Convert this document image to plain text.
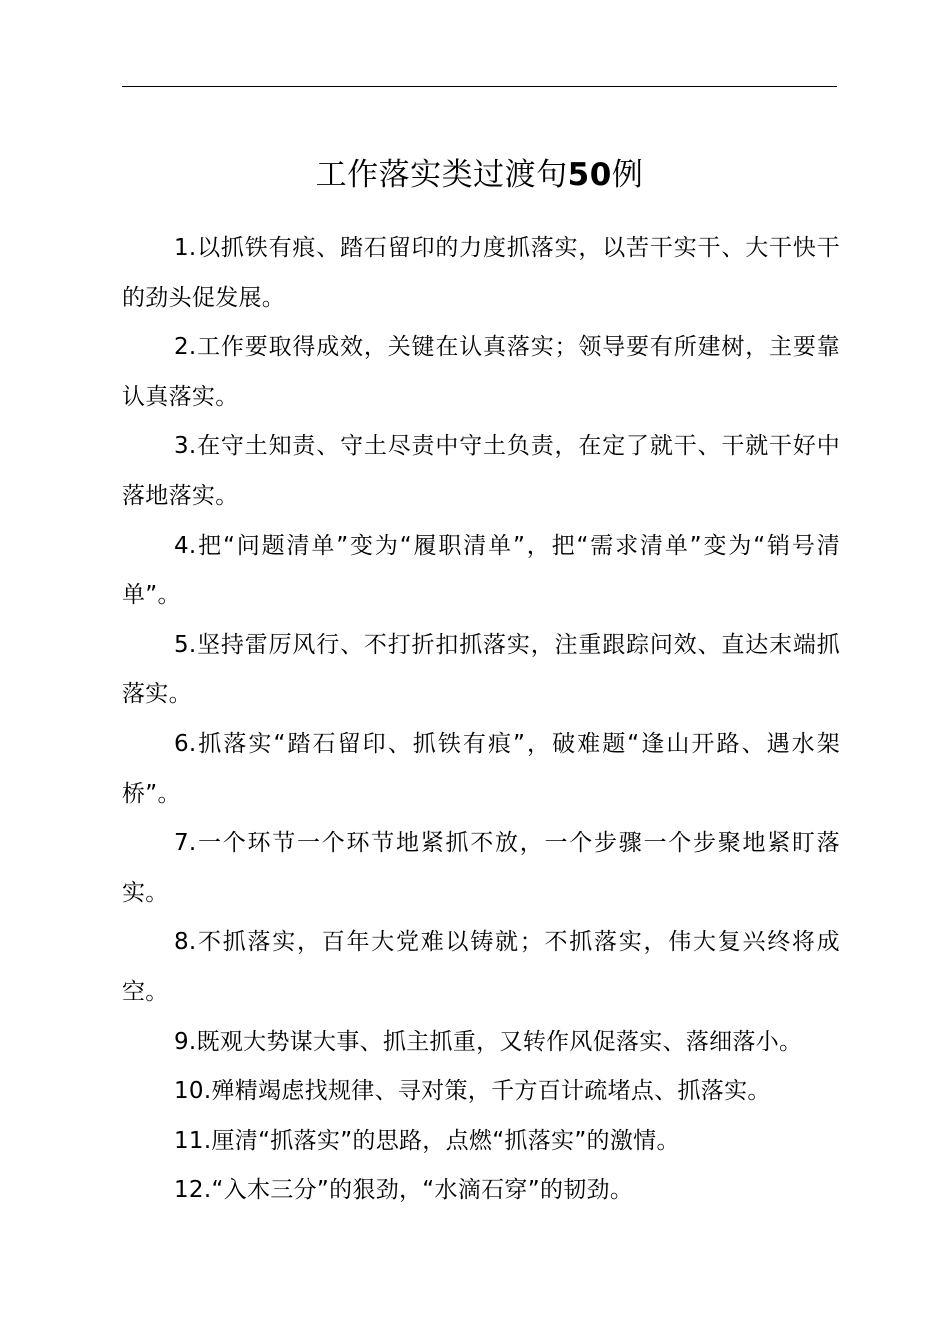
工作落实类过渡句50例

1.以抓铁有痕、踏石留印的力度抓落实，以苦干实干、大干快干的劲头促发展。

2.工作要取得成效，关键在认真落实；领导要有所建树，主要靠认真落实。

3.在守土知责、守土尽责中守土负责，在定了就干、干就干好中落地落实。

4.把“问题清单”变为“履职清单”，把“需求清单”变为“销号清单”。

5.坚持雷厉风行、不打折扣抓落实，注重跟踪问效、直达末端抓落实。

6.抓落实“踏石留印、抓铁有痕”，破难题“逢山开路、遇水架桥”。

7.一个环节一个环节地紧抓不放，一个步骤一个步聚地紧盯落实。

8.不抓落实，百年大党难以铸就；不抓落实，伟大复兴终将成空。

9.既观大势谋大事、抓主抓重，又转作风促落实、落细落小。

10.殚精竭虑找规律、寻对策，千方百计疏堵点、抓落实。

11.厘清“抓落实”的思路，点燃“抓落实”的激情。

12.“入木三分”的狠劲，“水滴石穿”的韧劲。
